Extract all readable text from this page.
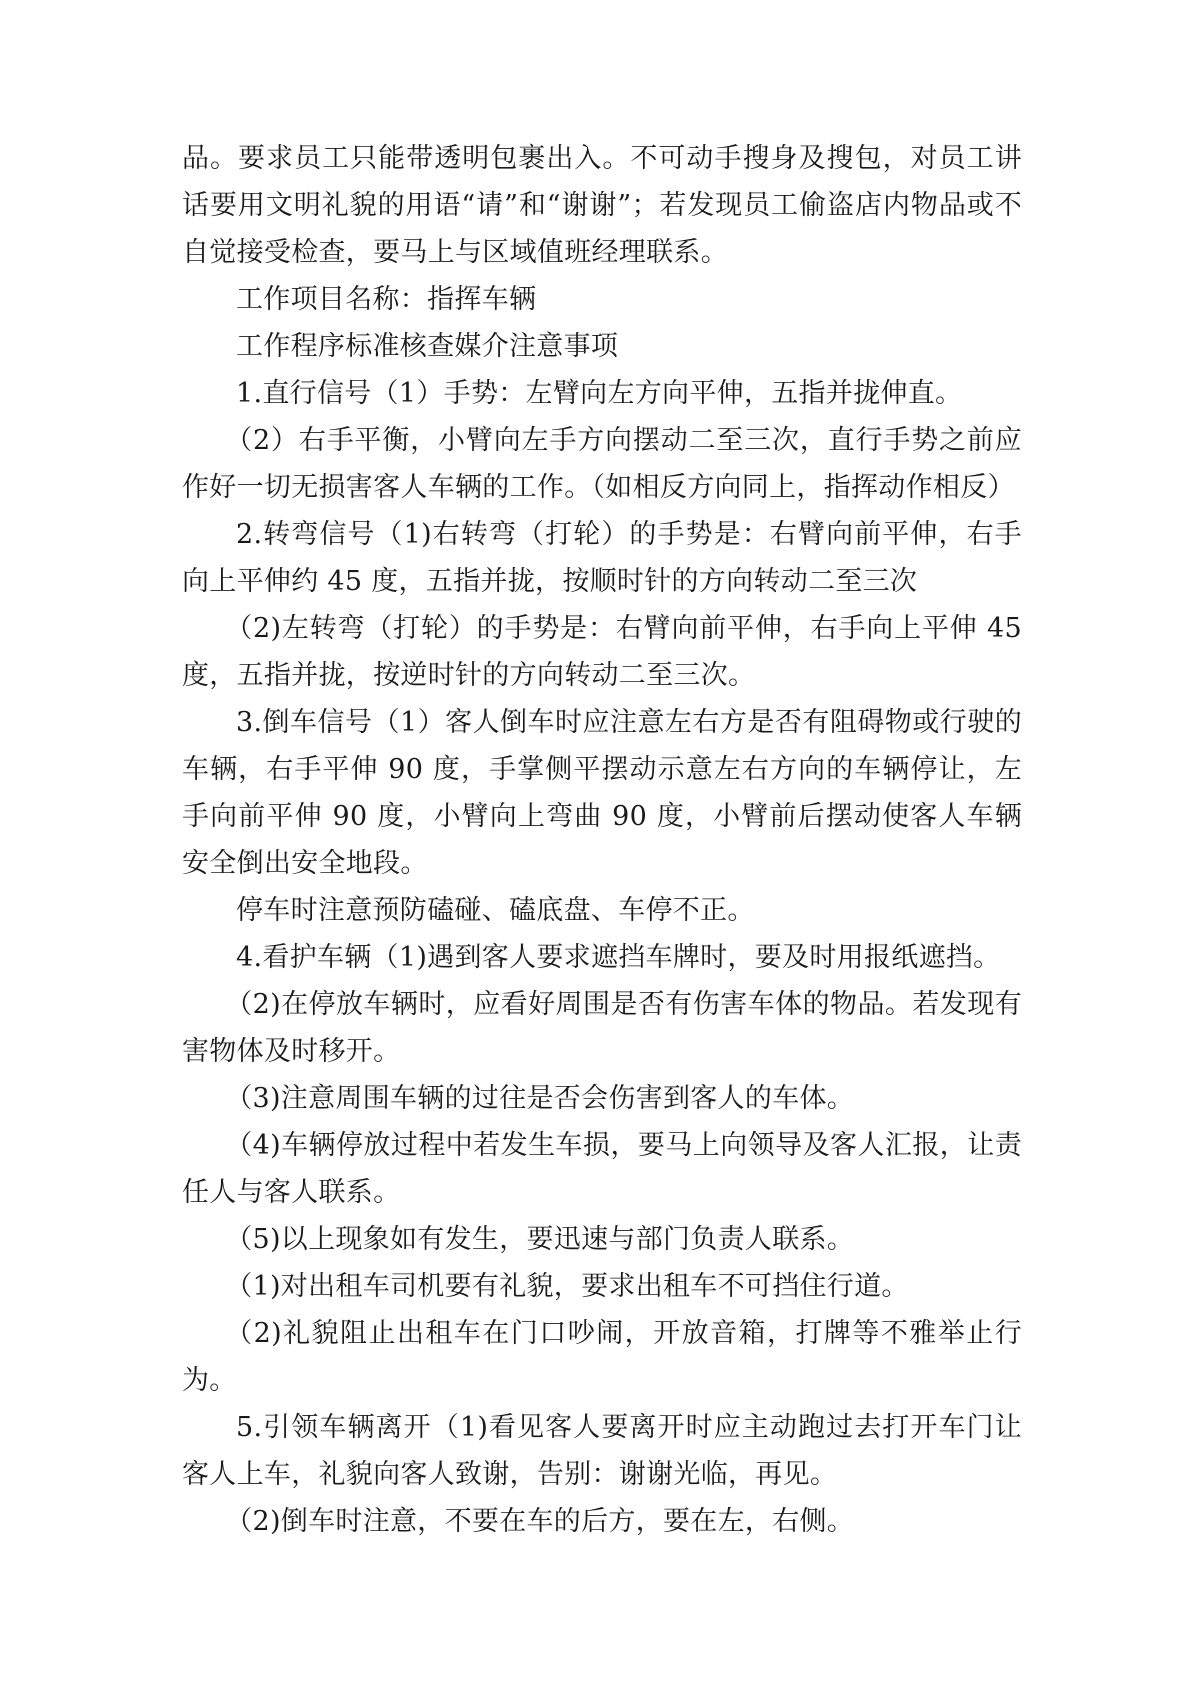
品。要求员工只能带透明包裹出入。不可动手搜身及搜包，对员工讲话要用文明礼貌的用语“请”和“谢谢”；若发现员工偷盗店内物品或不自觉接受检查，要马上与区域值班经理联系。

工作项目名称：指挥车辆

工作程序标准核查媒介注意事项

1.直行信号（1）手势：左臂向左方向平伸，五指并拢伸直。

（2）右手平衡，小臂向左手方向摆动二至三次，直行手势之前应作好一切无损害客人车辆的工作。（如相反方向同上，指挥动作相反）

2.转弯信号（1)右转弯（打轮）的手势是：右臂向前平伸，右手向上平伸约 45 度，五指并拢，按顺时针的方向转动二至三次

（2)左转弯（打轮）的手势是：右臂向前平伸，右手向上平伸 45 度，五指并拢，按逆时针的方向转动二至三次。

3.倒车信号（1）客人倒车时应注意左右方是否有阻碍物或行驶的车辆，右手平伸 90 度，手掌侧平摆动示意左右方向的车辆停让，左手向前平伸 90 度，小臂向上弯曲 90 度，小臂前后摆动使客人车辆安全倒出安全地段。

停车时注意预防磕碰、磕底盘、车停不正。

4.看护车辆（1)遇到客人要求遮挡车牌时，要及时用报纸遮挡。

（2)在停放车辆时，应看好周围是否有伤害车体的物品。若发现有害物体及时移开。

（3)注意周围车辆的过往是否会伤害到客人的车体。

（4)车辆停放过程中若发生车损，要马上向领导及客人汇报，让责任人与客人联系。

（5)以上现象如有发生，要迅速与部门负责人联系。

（1)对出租车司机要有礼貌，要求出租车不可挡住行道。

（2)礼貌阻止出租车在门口吵闹，开放音箱，打牌等不雅举止行为。

5.引领车辆离开（1)看见客人要离开时应主动跑过去打开车门让客人上车，礼貌向客人致谢，告别：谢谢光临，再见。

（2)倒车时注意，不要在车的后方，要在左，右侧。
